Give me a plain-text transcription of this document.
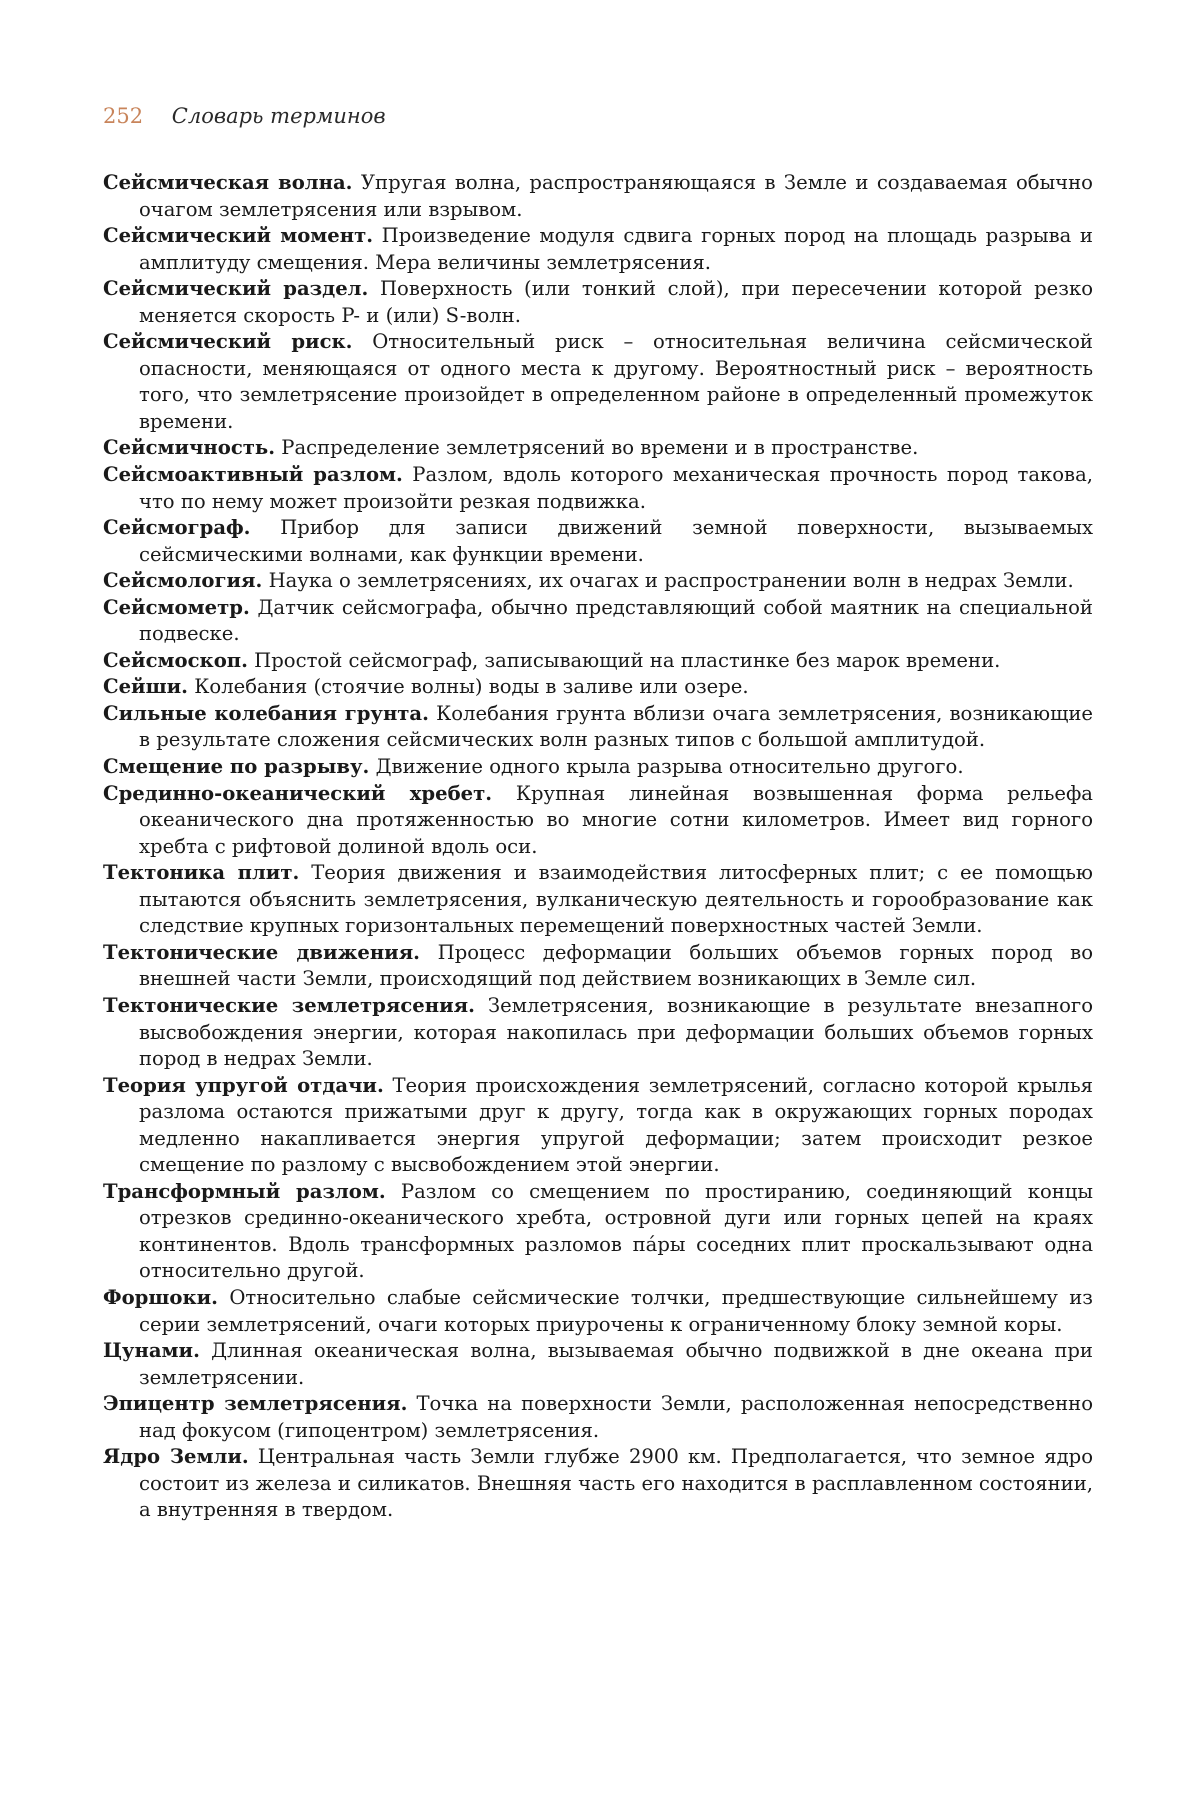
252 Словарь терминов

Сейсмическая волна. Упругая волна, распространяющаяся в Земле и создаваемая обычно очагом землетрясения или взрывом.

Сейсмический момент. Произведение модуля сдвига горных пород на площадь разрыва и амплитуду смещения. Мера величины землетрясения.

Сейсмический раздел. Поверхность (или тонкий слой), при пересечении которой резко меняется скорость P- и (или) S-волн.

Сейсмический риск. Относительный риск – относительная величина сейсмической опасности, меняющаяся от одного места к другому. Вероятностный риск – вероятность того, что землетрясение произойдет в определенном районе в определенный промежуток времени.

Сейсмичность. Распределение землетрясений во времени и в пространстве.

Сейсмоактивный разлом. Разлом, вдоль которого механическая прочность пород такова, что по нему может произойти резкая подвижка.

Сейсмограф. Прибор для записи движений земной поверхности, вызываемых сейсмическими волнами, как функции времени.

Сейсмология. Наука о землетрясениях, их очагах и распространении волн в недрах Земли.

Сейсмометр. Датчик сейсмографа, обычно представляющий собой маятник на специальной подвеске.

Сейсмоскоп. Простой сейсмограф, записывающий на пластинке без марок времени.

Сейши. Колебания (стоячие волны) воды в заливе или озере.

Сильные колебания грунта. Колебания грунта вблизи очага землетрясения, возникающие в результате сложения сейсмических волн разных типов с большой амплитудой.

Смещение по разрыву. Движение одного крыла разрыва относительно другого.

Срединно-океанический хребет. Крупная линейная возвышенная форма рельефа океанического дна протяженностью во многие сотни километров. Имеет вид горного хребта с рифтовой долиной вдоль оси.

Тектоника плит. Теория движения и взаимодействия литосферных плит; с ее помощью пытаются объяснить землетрясения, вулканическую деятельность и горообразование как следствие крупных горизонтальных перемещений поверхностных частей Земли.

Тектонические движения. Процесс деформации больших объемов горных пород во внешней части Земли, происходящий под действием возникающих в Земле сил.

Тектонические землетрясения. Землетрясения, возникающие в результате внезапного высвобождения энергии, которая накопилась при деформации больших объемов горных пород в недрах Земли.

Теория упругой отдачи. Теория происхождения землетрясений, согласно которой крылья разлома остаются прижатыми друг к другу, тогда как в окружающих горных породах медленно накапливается энергия упругой деформации; затем происходит резкое смещение по разлому с высвобождением этой энергии.

Трансформный разлом. Разлом со смещением по простиранию, соединяющий концы отрезков срединно-океанического хребта, островной дуги или горных цепей на краях континентов. Вдоль трансформных разломов пáры соседних плит проскальзывают одна относительно другой.

Форшоки. Относительно слабые сейсмические толчки, предшествующие сильнейшему из серии землетрясений, очаги которых приурочены к ограниченному блоку земной коры.

Цунами. Длинная океаническая волна, вызываемая обычно подвижкой в дне океана при землетрясении.

Эпицентр землетрясения. Точка на поверхности Земли, расположенная непосредственно над фокусом (гипоцентром) землетрясения.

Ядро Земли. Центральная часть Земли глубже 2900 км. Предполагается, что земное ядро состоит из железа и силикатов. Внешняя часть его находится в расплавленном состоянии, а внутренняя в твердом.
